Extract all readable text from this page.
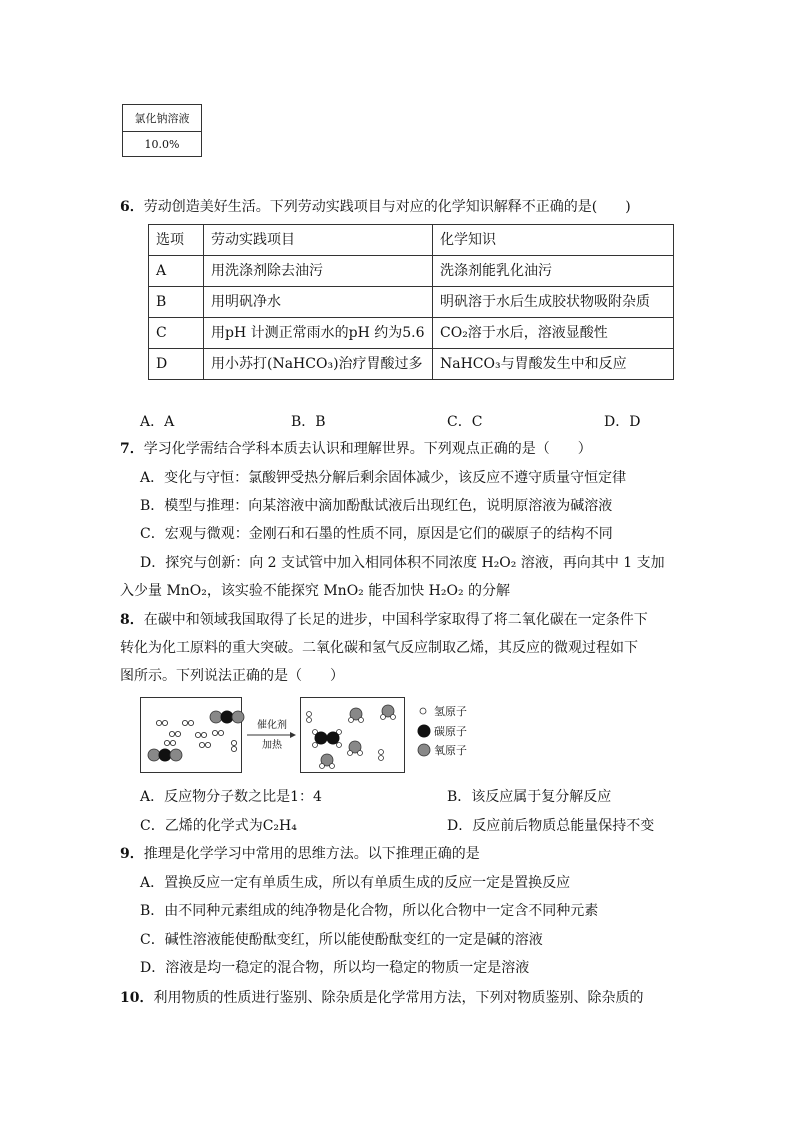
氯化钠溶液
10.0%
6．劳动创造美好生活。下列劳动实践项目与对应的化学知识解释不正确的是(　　)
选项	劳动实践项目	化学知识
A	用洗涤剂除去油污	洗涤剂能乳化油污
B	用明矾净水	明矾溶于水后生成胶状物吸附杂质
C	用pH 计测正常雨水的pH 约为5.6	CO₂溶于水后，溶液显酸性
D	用小苏打(NaHCO₃)治疗胃酸过多	NaHCO₃与胃酸发生中和反应
A．A	B．B	C．C	D．D
7．学习化学需结合学科本质去认识和理解世界。下列观点正确的是（　　）
A．变化与守恒：氯酸钾受热分解后剩余固体减少，该反应不遵守质量守恒定律
B．模型与推理：向某溶液中滴加酚酞试液后出现红色，说明原溶液为碱溶液
C．宏观与微观：金刚石和石墨的性质不同，原因是它们的碳原子的结构不同
D．探究与创新：向 2 支试管中加入相同体积不同浓度 H₂O₂ 溶液，再向其中 1 支加
入少量 MnO₂，该实验不能探究 MnO₂ 能否加快 H₂O₂ 的分解
8．在碳中和领域我国取得了长足的进步，中国科学家取得了将二氧化碳在一定条件下
转化为化工原料的重大突破。二氧化碳和氢气反应制取乙烯，其反应的微观过程如下
图所示。下列说法正确的是（　　）
催化剂
加热
氢原子
碳原子
氧原子
A．反应物分子数之比是1：4	B．该反应属于复分解反应
C．乙烯的化学式为C₂H₄	D．反应前后物质总能量保持不变
9．推理是化学学习中常用的思维方法。以下推理正确的是
A．置换反应一定有单质生成，所以有单质生成的反应一定是置换反应
B．由不同种元素组成的纯净物是化合物，所以化合物中一定含不同种元素
C．碱性溶液能使酚酞变红，所以能使酚酞变红的一定是碱的溶液
D．溶液是均一稳定的混合物，所以均一稳定的物质一定是溶液
10．利用物质的性质进行鉴别、除杂质是化学常用方法，下列对物质鉴别、除杂质的
